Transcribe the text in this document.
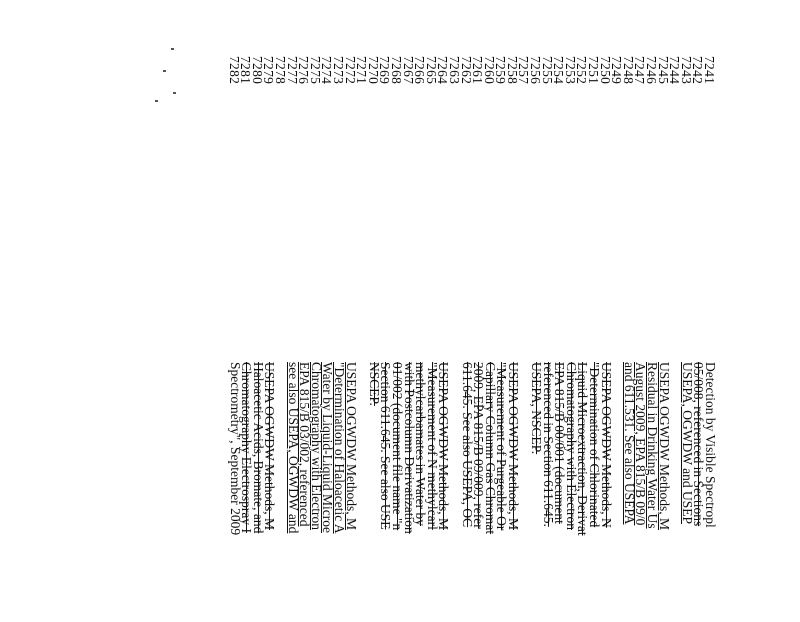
7241
7242
7243
7244
7245
7246
7247
7248
7249
7250
7251
7252
7253
7254
7255
7256
7257
7258
7259
7260
7261
7262
7263
7264
7265
7266
7267
7268
7269
7270
7271
7272
7273
7274
7275
7276
7277
7278
7279
7280
7281
7282
Detection by Visible Spectropl
05/008, referenced in Sections
USEPA, OGWDW and USEP
USEPA OGWDW Methods, M
Residual in Drinking Water Us
August 2009, EPA 815/B 09/0
and 611.531. See also USEPA
USEPA OGWDW Methods, N
"Determination of Chlorinated
Liquid Microextraction, Derivat
Chromatography with Electron
EPA 815/B 00/001 (document
referenced in Section 611.645.
USEPA, NSCEP.
USEPA OGWDW Methods, M
"Measurement of Purgeable Or
Capillary Column Gas Chromat
2009, EPA 815/B 09/009, refer
611.645. See also USEPA, OC
USEPA OGWDW Methods, M
"Measurement of N methylcarl
methylcarbamates in Water by
with Postcolumn Derivatization
01/002 (document file name "n
Section 611.645. See also USE
NSCEP.
USEPA OGWDW Methods, M
"Determination of Haloacetic A
Water by Liquid-Liquid Microe
Chromatography with Electron
EPA 815/B 03/002, referenced
see also USEPA, OGWDW and
USEPA OGWDW Methods, M
Haloacetic Acids, Bromate, and
Chromatography Electrospray I
Spectrometry", September 2009
